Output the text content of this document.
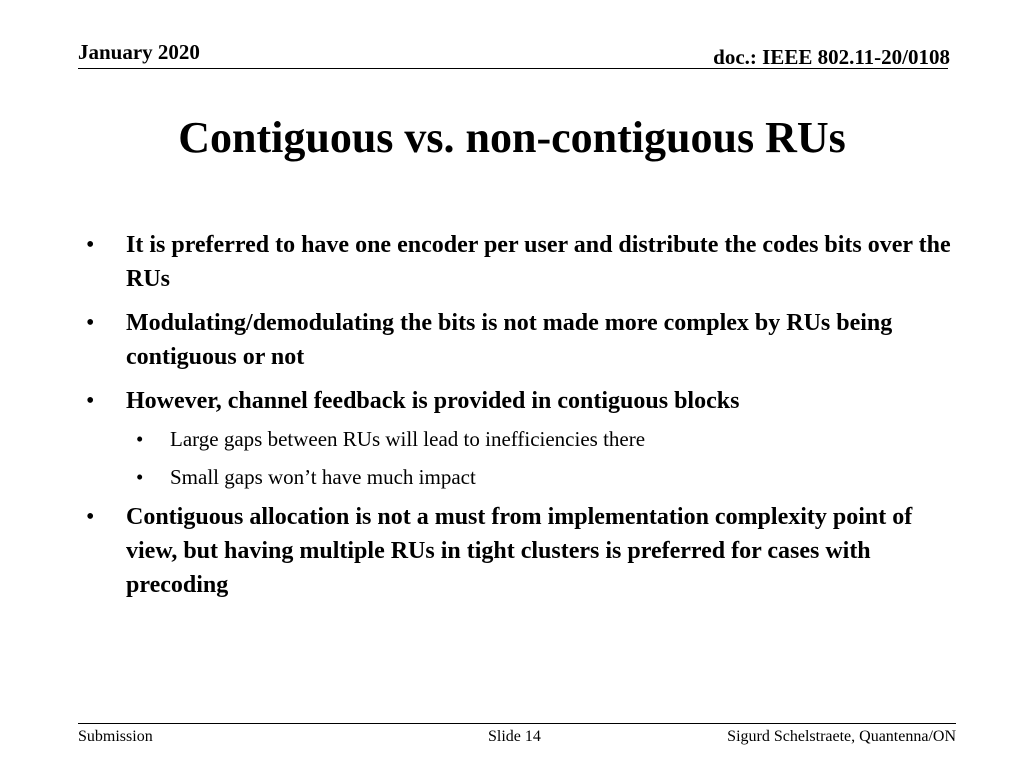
January 2020	doc.: IEEE 802.11-20/0108
Contiguous vs. non-contiguous RUs
• It is preferred to have one encoder per user and distribute the codes bits over the RUs
• Modulating/demodulating the bits is not made more complex by RUs being contiguous or not
• However, channel feedback is provided in contiguous blocks
• Large gaps between RUs will lead to inefficiencies there
• Small gaps won’t have much impact
• Contiguous allocation is not a must from implementation complexity point of view, but having multiple RUs in tight clusters is preferred for cases with precoding
Submission	Slide 14	Sigurd Schelstraete, Quantenna/ON
